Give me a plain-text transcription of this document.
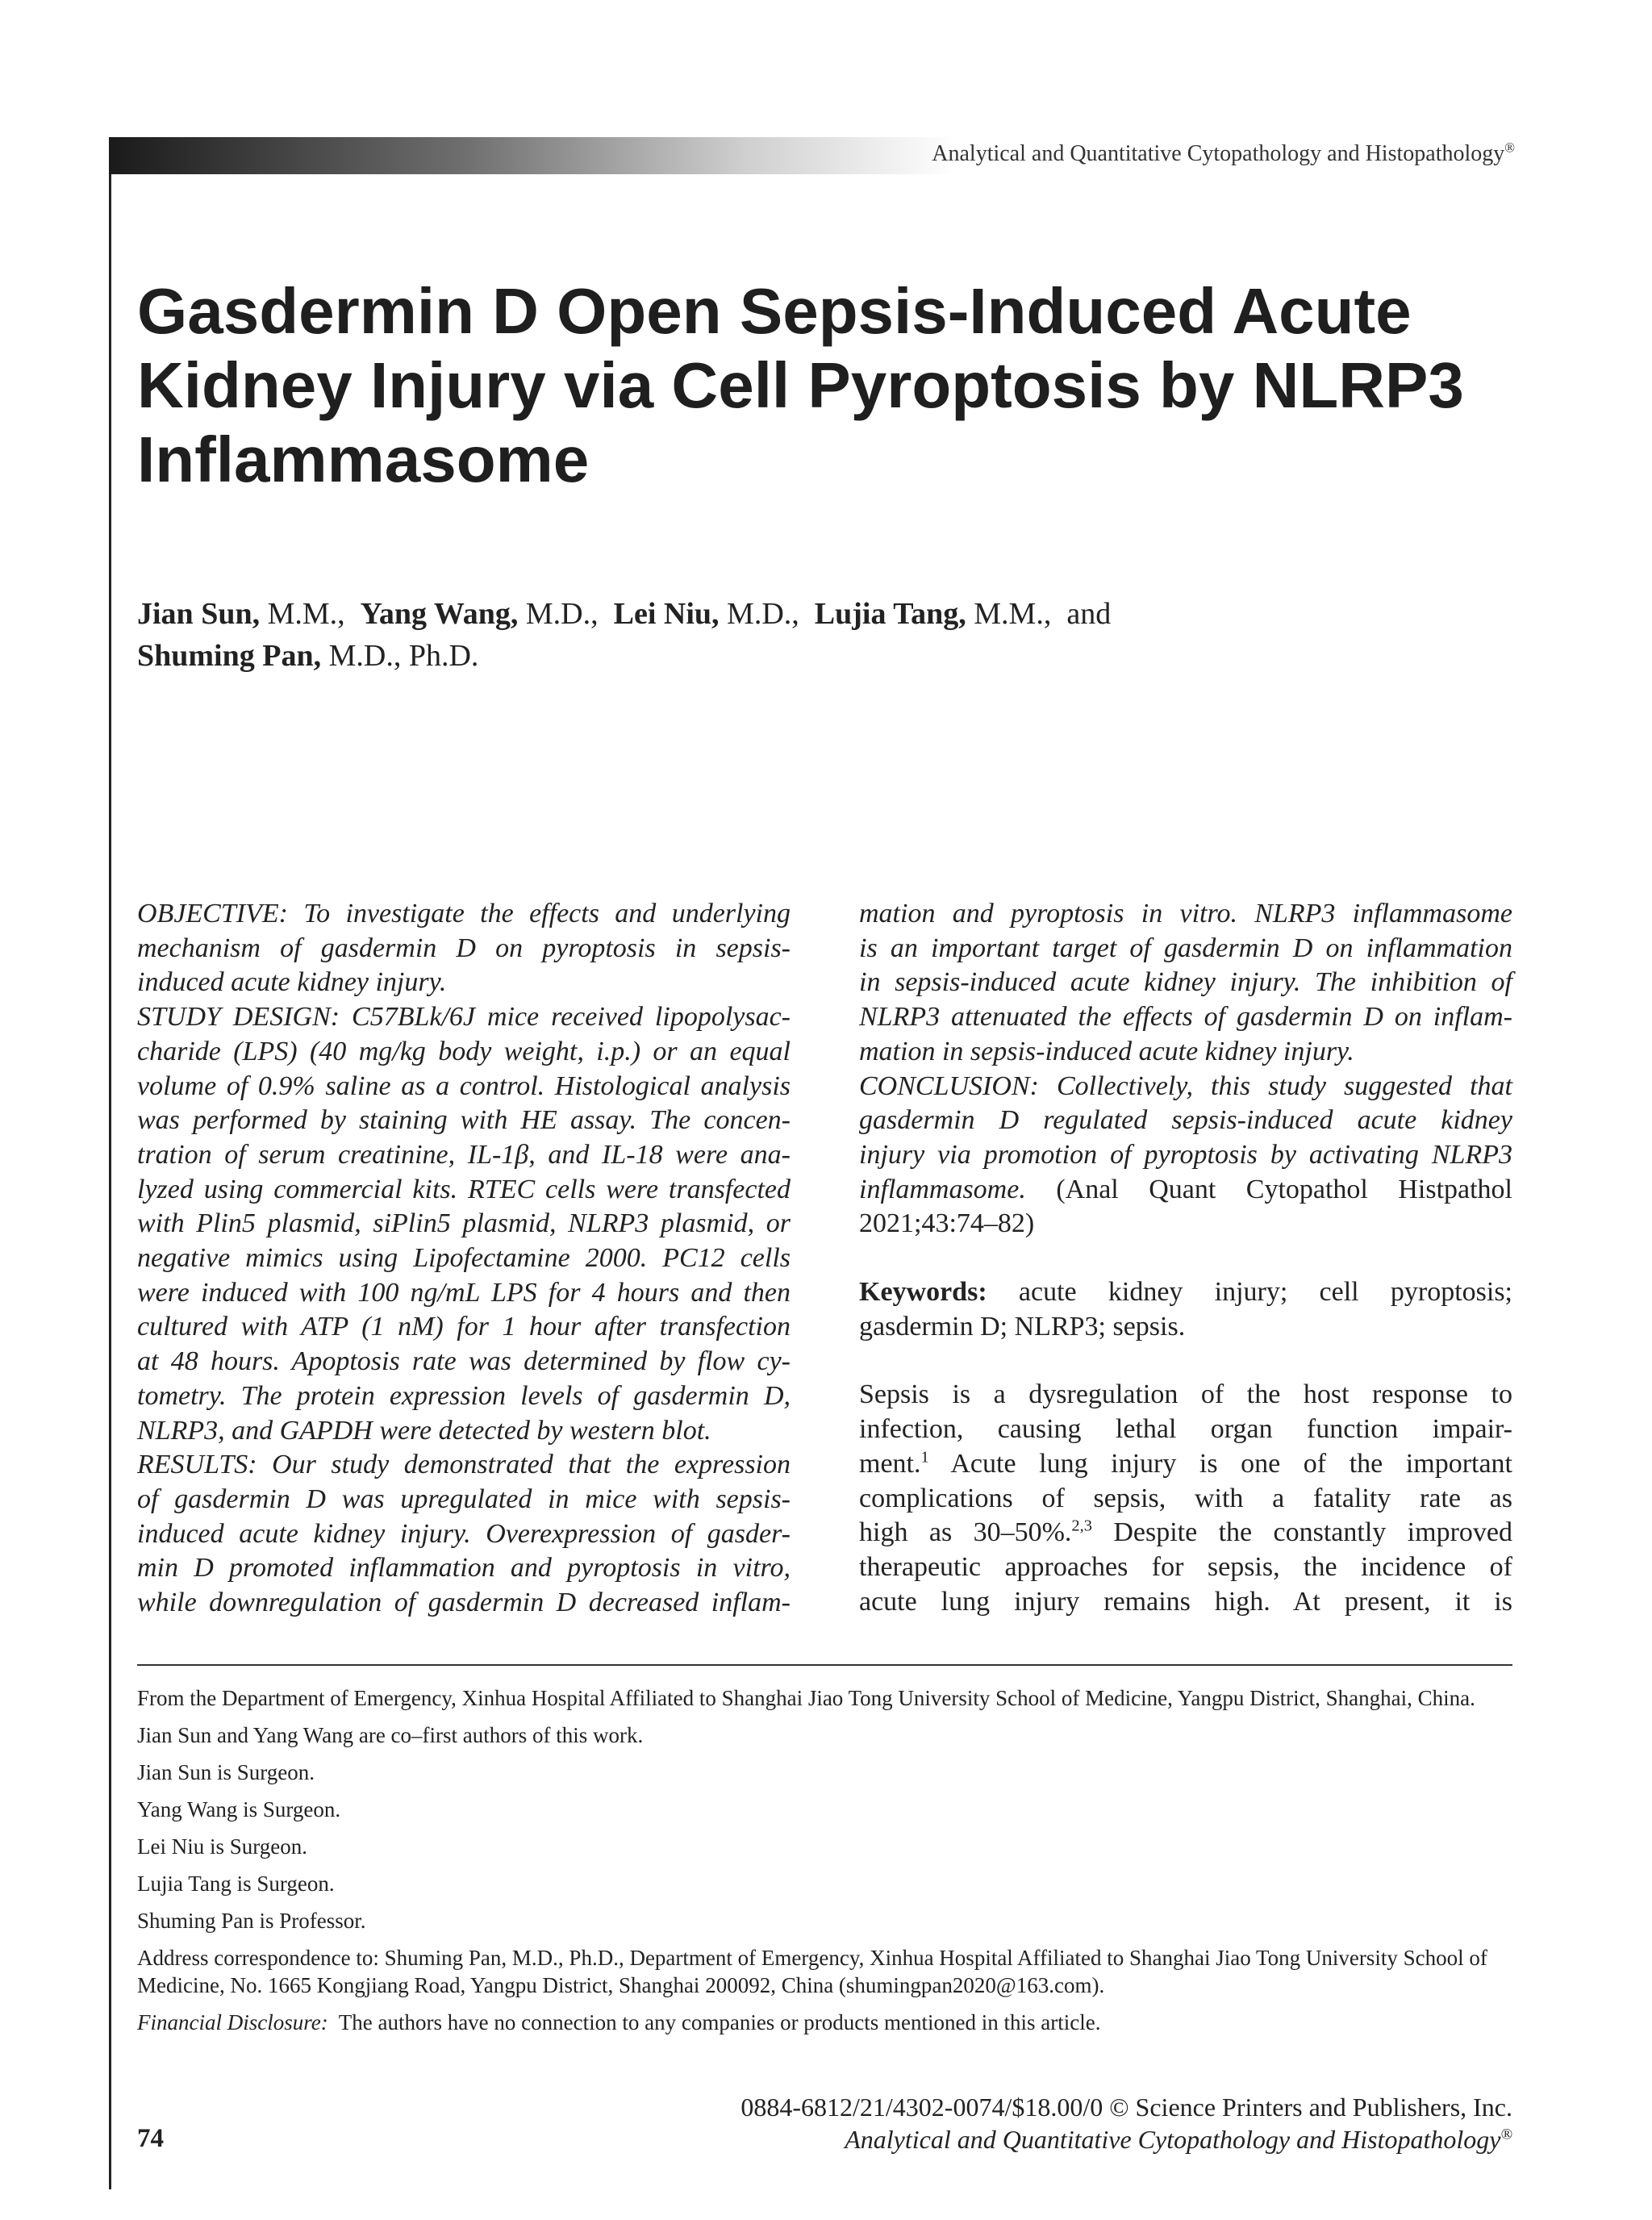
Analytical and Quantitative Cytopathology and Histopathology®
Gasdermin D Open Sepsis-Induced Acute
Kidney Injury via Cell Pyroptosis by NLRP3
Inflammasome
Jian Sun, M.M., Yang Wang, M.D., Lei Niu, M.D., Lujia Tang, M.M., and
Shuming Pan, M.D., Ph.D.

OBJECTIVE: To investigate the effects and underlying

mechanism of gasdermin D on pyroptosis in sepsis-

induced acute kidney injury.

STUDY DESIGN: C57BLk/6J mice received lipopolysac-

charide (LPS) (40 mg/kg body weight, i.p.) or an equal

volume of 0.9% saline as a control. Histological analysis

was performed by staining with HE assay. The concen-

tration of serum creatinine, IL-1β, and IL-18 were ana-

lyzed using commercial kits. RTEC cells were transfected

with Plin5 plasmid, siPlin5 plasmid, NLRP3 plasmid, or

negative mimics using Lipofectamine 2000. PC12 cells

were induced with 100 ng/mL LPS for 4 hours and then

cultured with ATP (1 nM) for 1 hour after transfection

at 48 hours. Apoptosis rate was determined by flow cy-

tometry. The protein expression levels of gasdermin D,

NLRP3, and GAPDH were detected by western blot.

RESULTS: Our study demonstrated that the expression

of gasdermin D was upregulated in mice with sepsis-

induced acute kidney injury. Overexpression of gasder-

min D promoted inflammation and pyroptosis in vitro,

while downregulation of gasdermin D decreased inflam-

mation and pyroptosis in vitro. NLRP3 inflammasome

is an important target of gasdermin D on inflammation

in sepsis-induced acute kidney injury. The inhibition of

NLRP3 attenuated the effects of gasdermin D on inflam-

mation in sepsis-induced acute kidney injury.

CONCLUSION: Collectively, this study suggested that

gasdermin D regulated sepsis-induced acute kidney

injury via promotion of pyroptosis by activating NLRP3

inflammasome. (Anal Quant Cytopathol Histpathol

2021;43:74–82)

Keywords: acute kidney injury; cell pyroptosis;

gasdermin D; NLRP3; sepsis.

Sepsis is a dysregulation of the host response to

infection, causing lethal organ function impair-

ment.$^1$ Acute lung injury is one of the important

complications of sepsis, with a fatality rate as

high as 30–50%.$^{2,3}$ Despite the constantly improved

therapeutic approaches for sepsis, the incidence of

acute lung injury remains high. At present, it is

From the Department of Emergency, Xinhua Hospital Affiliated to Shanghai Jiao Tong University School of Medicine, Yangpu District, Shanghai, China.

Jian Sun and Yang Wang are co–first authors of this work.

Jian Sun is Surgeon.

Yang Wang is Surgeon.

Lei Niu is Surgeon.

Lujia Tang is Surgeon.

Shuming Pan is Professor.

Address correspondence to: Shuming Pan, M.D., Ph.D., Department of Emergency, Xinhua Hospital Affiliated to Shanghai Jiao Tong University School of Medicine, No. 1665 Kongjiang Road, Yangpu District, Shanghai 200092, China (shumingpan2020@163.com).

Financial Disclosure: The authors have no connection to any companies or products mentioned in this article.

0884-6812/21/4302-0074/$18.00/0 © Science Printers and Publishers, Inc.
Analytical and Quantitative Cytopathology and Histopathology®
74
